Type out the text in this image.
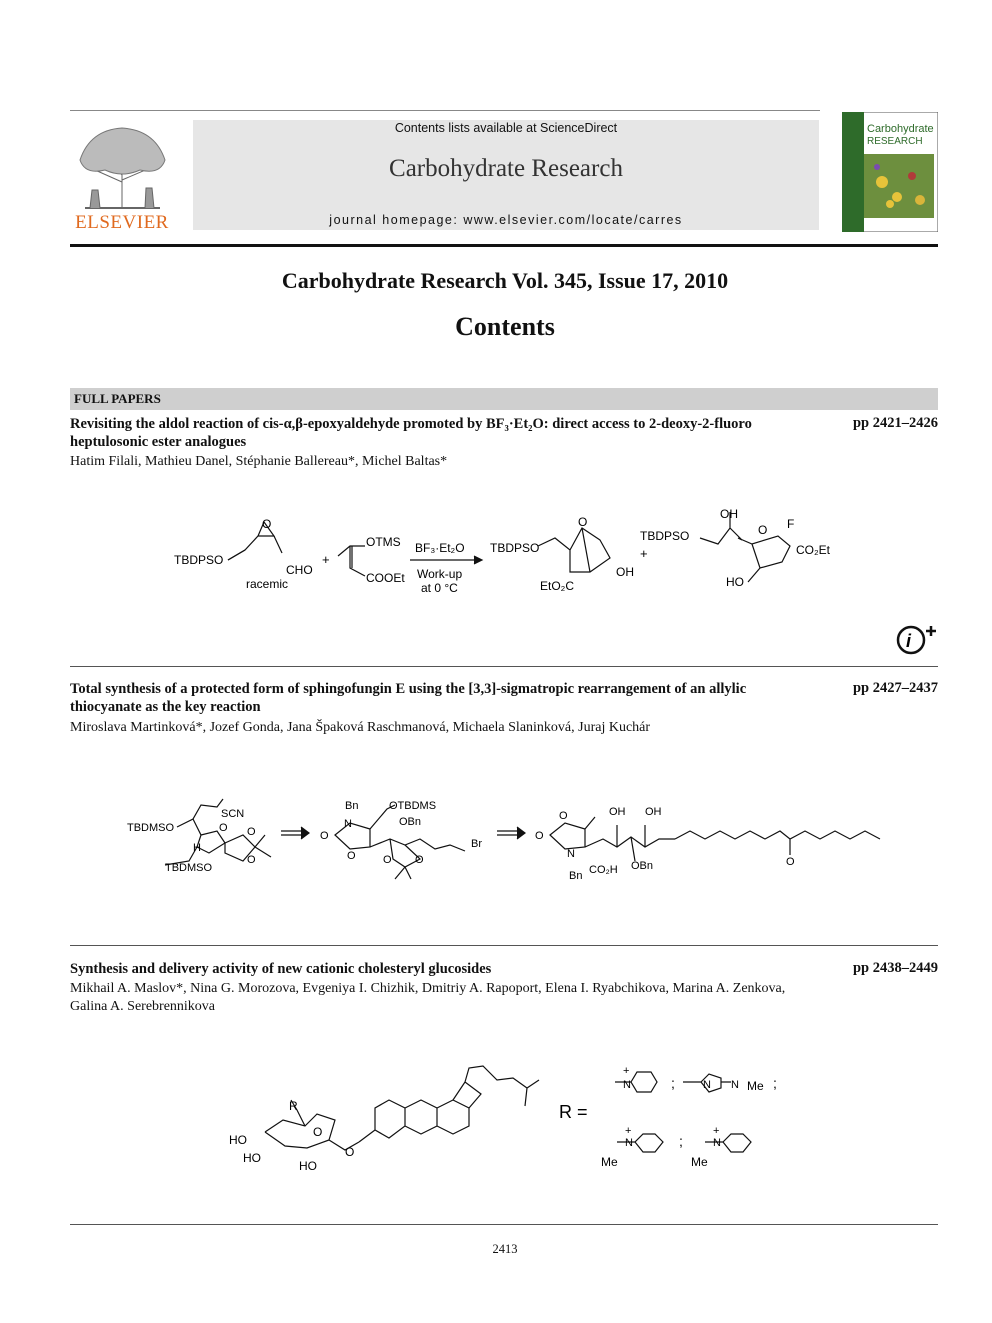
ELSEVIER
Contents lists available at ScienceDirect
Carbohydrate Research
journal homepage: www.elsevier.com/locate/carres
Carbohydrate
RESEARCH
Carbohydrate Research Vol. 345, Issue 17, 2010
Contents
FULL PAPERS
Revisiting the aldol reaction of cis-α,β-epoxyaldehyde promoted by BF₃·Et₂O: direct access to 2-deoxy-2-fluoro
heptulosonic ester analogues
pp 2421–2426
Hatim Filali, Mathieu Danel, Stéphanie Ballereau*, Michel Baltas*
TBDPSO
O
CHO
racemic
+
OTMS
COOEt
BF₃·Et₂O
Work-up
at 0 °C
TBDPSO
O
OH
EtO₂C
+
TBDPSO
OH
O F
CO₂Et
HO
i
Total synthesis of a protected form of sphingofungin E using the [3,3]-sigmatropic rearrangement of an allylic
thiocyanate as the key reaction
pp 2427–2437
Miroslava Martinková*, Jozef Gonda, Jana Špaková Raschmanová, Michaela Slaninková, Juraj Kuchár
SCN
TBDMSO
H
TBDMSO
O O
O
Bn	OTBDMS
OBn
N
O
O
Br
O O
OH OH
O
O
N
Bn CO₂H OBn	O
Synthesis and delivery activity of new cationic cholesteryl glucosides	pp 2438–2449
Mikhail A. Maslov*, Nina G. Morozova, Evgeniya I. Chizhik, Dmitriy A. Rapoport, Elena I. Ryabchikova, Marina A. Zenkova,
Galina A. Serebrennikova
R
HO
HO
HO
O
O
R =
N
+
;	N N Me ;
N
+
Me
;	N
+
Me
2413
